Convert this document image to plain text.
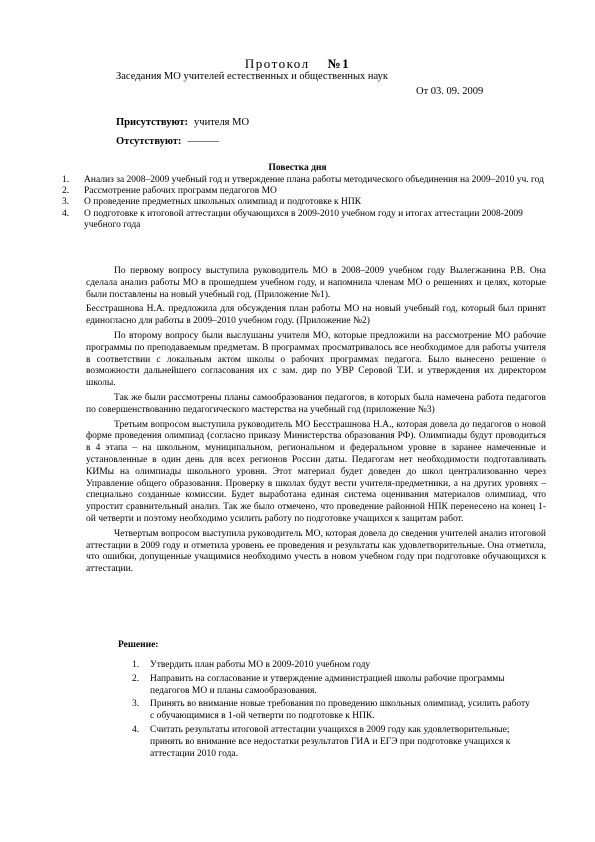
Протокол №1
Заседания МО учителей естественных и общественных наук
От 03. 09. 2009
Присутствуют: учителя МО
Отсутствуют: ———
Повестка дня
1. Анализ за 2008–2009 учебный год и утверждение плана работы методического объединения на 2009–2010 уч. год
2. Рассмотрение рабочих программ педагогов МО
3. О проведение предметных школьных олимпиад и подготовке к НПК
4. О подготовке к итоговой аттестации обучающихся в 2009-2010 учебном году и итогах аттестации 2008-2009 учебного года

По первому вопросу выступила руководитель МО в 2008–2009 учебном году Вылегжанина Р.В. Она сделала анализ работы МО в прошедшем учебном году, и напомнила членам МО о решениях и целях, которые были поставлены на новый учебный год. (Приложение №1).

Бесстрашнова Н.А. предложила для обсуждения план работы МО на новый учебный год, который был принят единогласно для работы в 2009–2010 учебном году. (Приложение №2)

По второму вопросу были выслушаны учителя МО, которые предложили на рассмотрение МО рабочие программы по преподаваемым предметам. В программах просматривалось все необходимое для работы учителя в соответствии с локальным актом школы о рабочих программах педагога. Было вынесено решение о возможности дальнейшего согласования их с зам. дир по УВР Серовой Т.И. и утверждения их директором школы.

Так же были рассмотрены планы самообразования педагогов, в которых была намечена работа педагогов по совершенствованию педагогического мастерства на учебный год (приложение №3)

Третьим вопросом выступила руководитель МО Бесстрашнова Н.А., которая довела до педагогов о новой форме проведения олимпиад (согласно приказу Министерства образования РФ). Олимпиады будут проводиться в 4 этапа – на школьном, муниципальном, региональном и федеральном уровне в заранее намеченные и установленные в один день для всех регионов России даты. Педагогам нет необходимости подготавливать КИМы на олимпиады школьного уровня. Этот материал будет доведен до школ централизованно через Управление общего образования. Проверку в школах будут вести учителя-предметники, а на других уровнях – специально созданные комиссии. Будет выработана единая система оценивания материалов олимпиад, что упростит сравнительный анализ. Так же было отмечено, что проведение районной НПК перенесено на конец 1-ой четверти и поэтому необходимо усилить работу по подготовке учащихся к защитам работ.

Четвертым вопросом выступила руководитель МО, которая довела до сведения учителей анализ итоговой аттестации в 2009 году и отметила уровень ее проведения и результаты как удовлетворительные. Она отметила, что ошибки, допущенные учащимися необходимо учесть в новом учебном году при подготовке обучающихся к аттестации.

Решение:
1. Утвердить план работы МО в 2009-2010 учебном году
2. Направить на согласование и утверждение администрацией школы рабочие программы педагогов МО и планы самообразования.
3. Принять во внимание новые требования по проведению школьных олимпиад, усилить работу с обучающимися в 1-ой четверти по подготовке к НПК.
4. Считать результаты итоговой аттестации учащихся в 2009 году как удовлетворительные; принять во внимание все недостатки результатов ГИА и ЕГЭ при подготовке учащихся к аттестации 2010 года.
